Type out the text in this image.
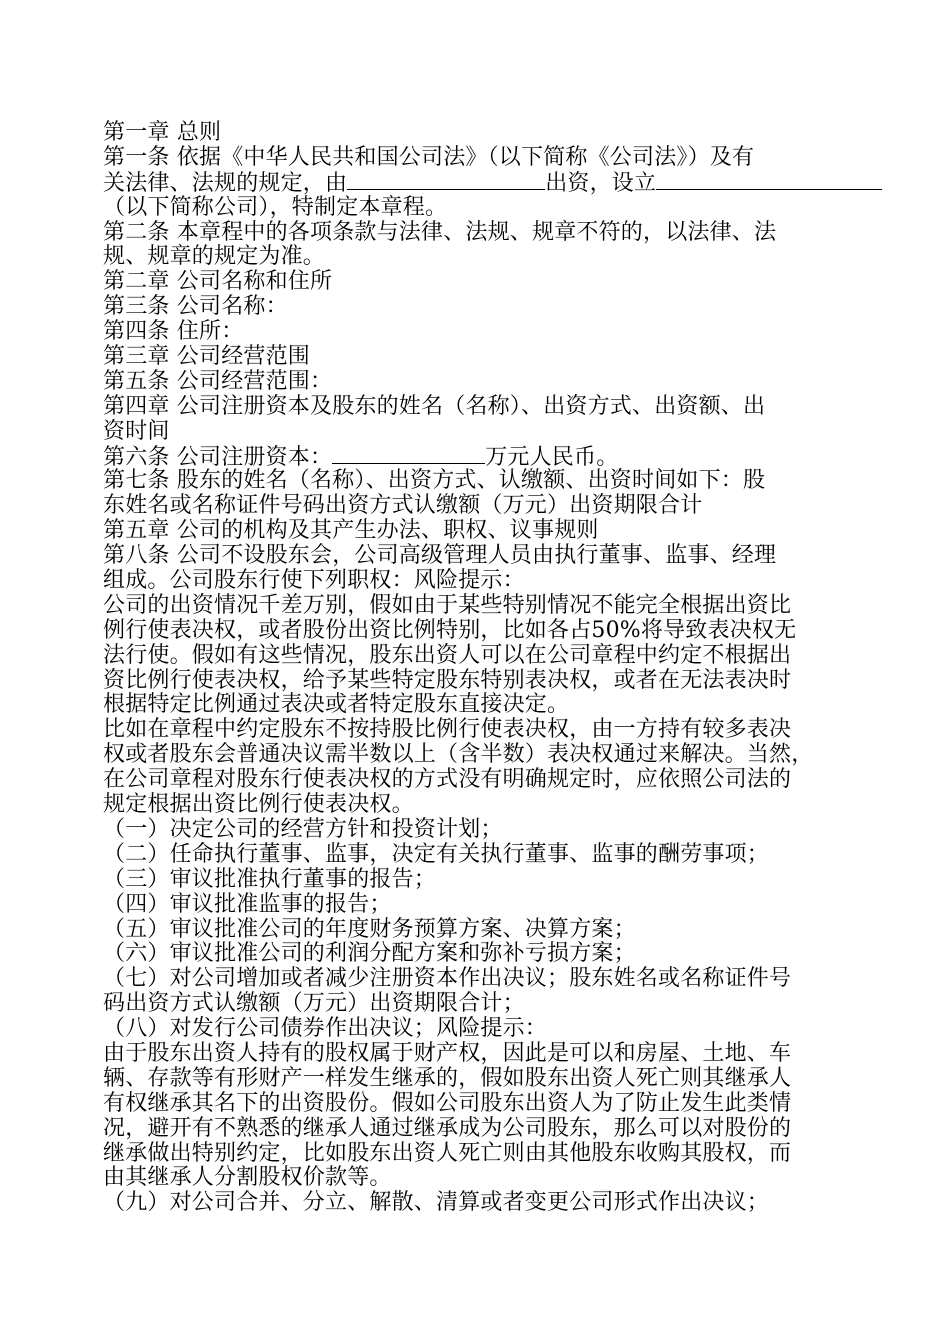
第一章 总则
第一条 依据《中华人民共和国公司法》（以下简称《公司法》）及有
关法律、法规的规定，由	出资，设立
（以下简称公司），特制定本章程。
第二条 本章程中的各项条款与法律、法规、规章不符的，以法律、法
规、规章的规定为准。
第二章 公司名称和住所
第三条 公司名称：
第四条 住所：
第三章 公司经营范围
第五条 公司经营范围：
第四章 公司注册资本及股东的姓名（名称）、出资方式、出资额、出
资时间
第六条 公司注册资本：	万元人民币。
第七条 股东的姓名（名称）、出资方式、认缴额、出资时间如下：股
东姓名或名称证件号码出资方式认缴额（万元）出资期限合计
第五章 公司的机构及其产生办法、职权、议事规则
第八条 公司不设股东会，公司高级管理人员由执行董事、监事、经理
组成。公司股东行使下列职权：风险提示：
公司的出资情况千差万别，假如由于某些特别情况不能完全根据出资比
例行使表决权，或者股份出资比例特别，比如各占50%将导致表决权无
法行使。假如有这些情况，股东出资人可以在公司章程中约定不根据出
资比例行使表决权，给予某些特定股东特别表决权，或者在无法表决时
根据特定比例通过表决或者特定股东直接决定。
比如在章程中约定股东不按持股比例行使表决权，由一方持有较多表决
权或者股东会普通决议需半数以上（含半数）表决权通过来解决。当然，
在公司章程对股东行使表决权的方式没有明确规定时，应依照公司法的
规定根据出资比例行使表决权。
（一）决定公司的经营方针和投资计划；
（二）任命执行董事、监事，决定有关执行董事、监事的酬劳事项；
（三）审议批准执行董事的报告；
（四）审议批准监事的报告；
（五）审议批准公司的年度财务预算方案、决算方案；
（六）审议批准公司的利润分配方案和弥补亏损方案；
（七）对公司增加或者减少注册资本作出决议；股东姓名或名称证件号
码出资方式认缴额（万元）出资期限合计；
（八）对发行公司债券作出决议；风险提示：
由于股东出资人持有的股权属于财产权，因此是可以和房屋、土地、车
辆、存款等有形财产一样发生继承的，假如股东出资人死亡则其继承人
有权继承其名下的出资股份。假如公司股东出资人为了防止发生此类情
况，避开有不熟悉的继承人通过继承成为公司股东，那么可以对股份的
继承做出特别约定，比如股东出资人死亡则由其他股东收购其股权，而
由其继承人分割股权价款等。
（九）对公司合并、分立、解散、清算或者变更公司形式作出决议；
